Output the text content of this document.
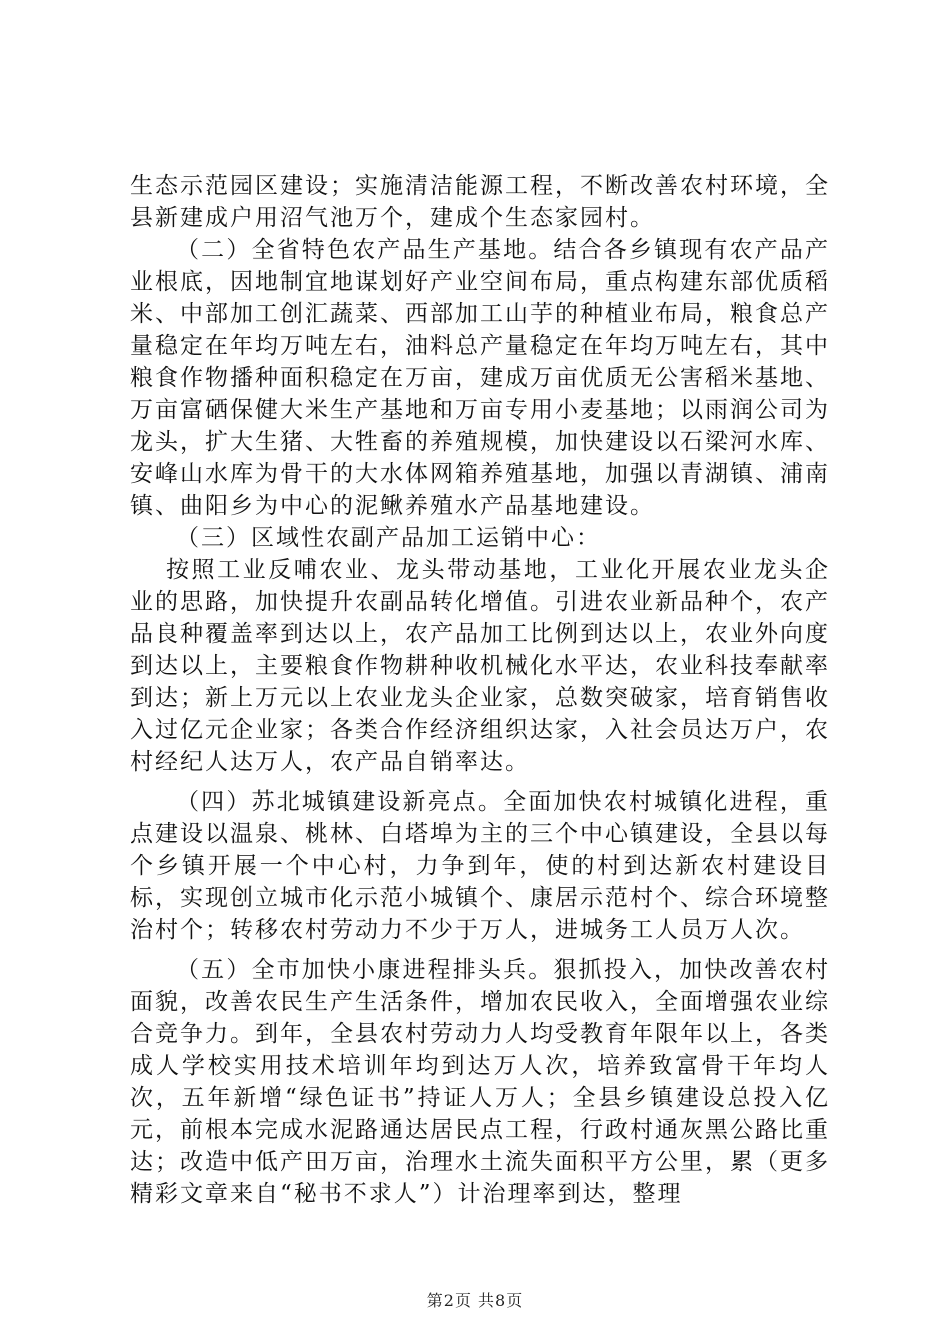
生态示范园区建设；实施清洁能源工程，不断改善农村环境，全县新建成户用沼气池万个，建成个生态家园村。

（二）全省特色农产品生产基地。结合各乡镇现有农产品产业根底，因地制宜地谋划好产业空间布局，重点构建东部优质稻米、中部加工创汇蔬菜、西部加工山芋的种植业布局，粮食总产量稳定在年均万吨左右，油料总产量稳定在年均万吨左右，其中粮食作物播种面积稳定在万亩，建成万亩优质无公害稻米基地、万亩富硒保健大米生产基地和万亩专用小麦基地；以雨润公司为龙头，扩大生猪、大牲畜的养殖规模，加快建设以石梁河水库、安峰山水库为骨干的大水体网箱养殖基地，加强以青湖镇、浦南镇、曲阳乡为中心的泥鳅养殖水产品基地建设。

（三）区域性农副产品加工运销中心：

按照工业反哺农业、龙头带动基地，工业化开展农业龙头企业的思路，加快提升农副品转化增值。引进农业新品种个，农产品良种覆盖率到达以上，农产品加工比例到达以上，农业外向度到达以上，主要粮食作物耕种收机械化水平达，农业科技奉献率到达；新上万元以上农业龙头企业家，总数突破家，培育销售收入过亿元企业家；各类合作经济组织达家，入社会员达万户，农村经纪人达万人，农产品自销率达。

（四）苏北城镇建设新亮点。全面加快农村城镇化进程，重点建设以温泉、桃林、白塔埠为主的三个中心镇建设，全县以每个乡镇开展一个中心村，力争到年，使的村到达新农村建设目标，实现创立城市化示范小城镇个、康居示范村个、综合环境整治村个；转移农村劳动力不少于万人，进城务工人员万人次。

（五）全市加快小康进程排头兵。狠抓投入，加快改善农村面貌，改善农民生产生活条件，增加农民收入，全面增强农业综合竞争力。到年，全县农村劳动力人均受教育年限年以上，各类成人学校实用技术培训年均到达万人次，培养致富骨干年均人次，五年新增“绿色证书”持证人万人；全县乡镇建设总投入亿元，前根本完成水泥路通达居民点工程，行政村通灰黑公路比重达；改造中低产田万亩，治理水土流失面积平方公里，累（更多精彩文章来自“秘书不求人”）计治理率到达，整理

第2页 共8页
